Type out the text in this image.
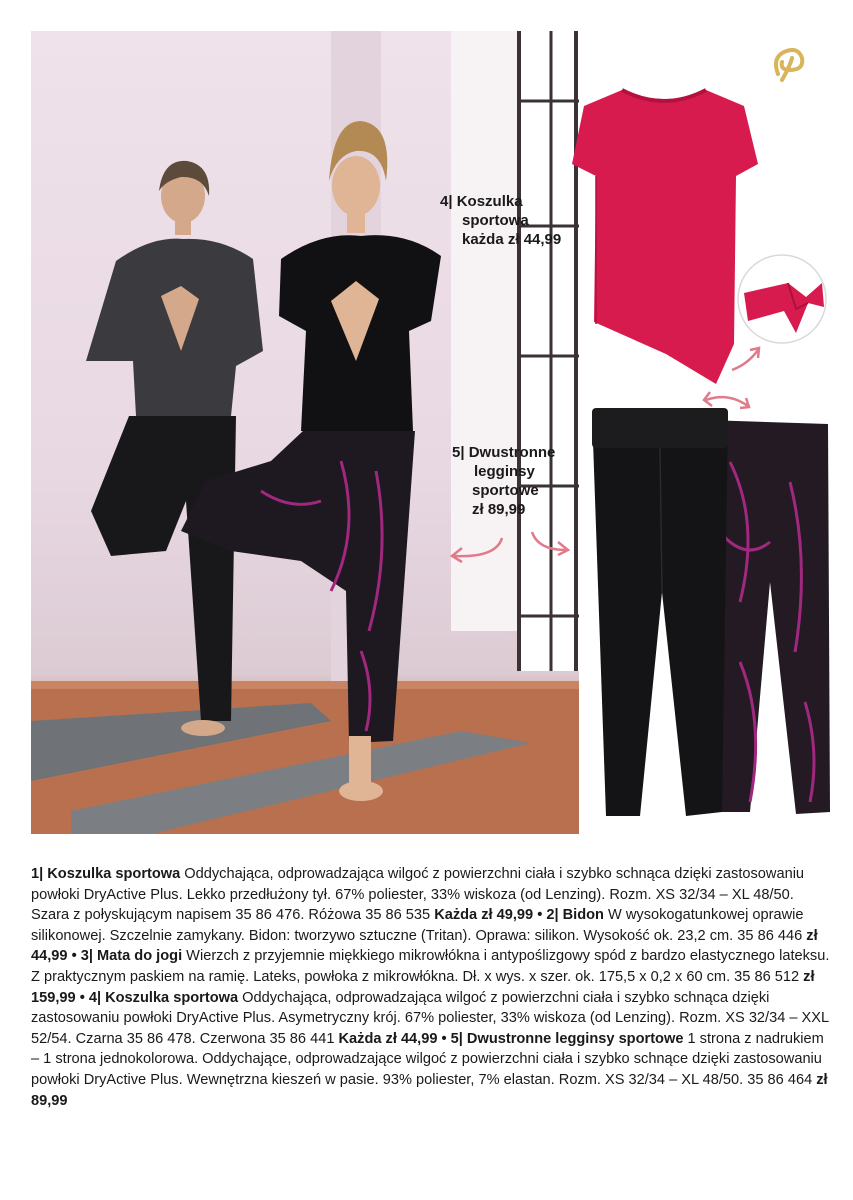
4| Koszulka
sportowa
każda zł 44,99
5| Dwustronne
legginsy
sportowe
zł 89,99
1| Koszulka sportowa Oddychająca, odprowadzająca wilgoć z powierzchni ciała i szybko schnąca dzięki zastosowaniu powłoki DryActive Plus. Lekko przedłużony tył. 67% poliester, 33% wiskoza (od Lenzing). Rozm. XS 32/34 – XL 48/50. Szara z połyskującym napisem 35 86 476. Różowa 35 86 535 Każda zł 49,99 • 2| Bidon W wysokogatunkowej oprawie silikonowej. Szczelnie zamykany. Bidon: tworzywo sztuczne (Tritan). Oprawa: silikon. Wysokość ok. 23,2 cm. 35 86 446 zł 44,99 • 3| Mata do jogi Wierzch z przyjemnie miękkiego mikrowłókna i antypoślizgowy spód z bardzo elastycznego lateksu. Z praktycznym paskiem na ramię. Lateks, powłoka z mikrowłókna. Dł. x wys. x szer. ok. 175,5 x 0,2 x 60 cm. 35 86 512 zł 159,99 • 4| Koszulka sportowa Oddychająca, odprowadzająca wilgoć z powierzchni ciała i szybko schnąca dzięki zastosowaniu powłoki DryActive Plus. Asymetryczny krój. 67% poliester, 33% wiskoza (od Lenzing). Rozm. XS 32/34 – XXL 52/54. Czarna 35 86 478. Czerwona 35 86 441 Każda zł 44,99 • 5| Dwustronne legginsy sportowe 1 strona z nadrukiem – 1 strona jednokolorowa. Oddychające, odprowadzające wilgoć z powierzchni ciała i szybko schnące dzięki zastosowaniu powłoki DryActive Plus. Wewnętrzna kieszeń w pasie. 93% poliester, 7% elastan. Rozm. XS 32/34 – XL 48/50. 35 86 464 zł 89,99
